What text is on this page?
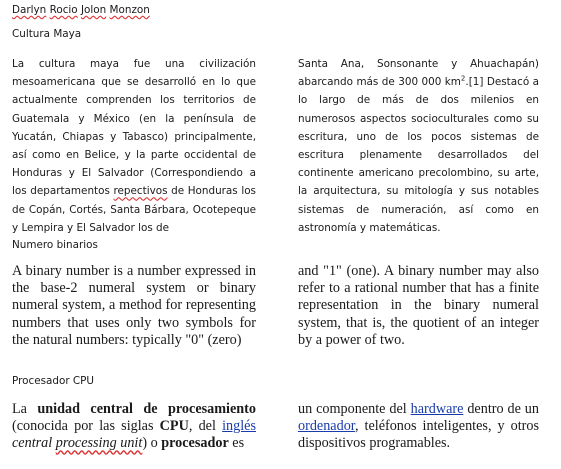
Darlyn Rocio Jolon Monzon
Cultura Maya
La cultura maya fue una civilización mesoamericana que se desarrolló en lo que actualmente comprenden los territorios de Guatemala y México (en la península de Yucatán, Chiapas y Tabasco) principalmente, así como en Belice, y la parte occidental de Honduras y El Salvador (Correspondiendo a los departamentos repectivos de Honduras los de Copán, Cortés, Santa Bárbara, Ocotepeque y Lempira y El Salvador los de
Santa Ana, Sonsonante y Ahuachapán) abarcando más de 300 000 $km^2.[1]$ Destacó a lo largo de más de dos milenios en numerosos aspectos socioculturales como su escritura, uno de los pocos sistemas de escritura plenamente desarrollados del continente americano precolombino, su arte, la arquitectura, su mitología y sus notables sistemas de numeración, así como en astronomía y matemáticas.
Numero binarios
A binary number is a number expressed in the base-2 numeral system or binary numeral system, a method for representing numbers that uses only two symbols for the natural numbers: typically "0" (zero)
and "1" (one). A binary number may also refer to a rational number that has a finite representation in the binary numeral system, that is, the quotient of an integer by a power of two.
Procesador CPU
La unidad central de procesamiento (conocida por las siglas CPU, del inglés central processing unit) o procesador es
un componente del hardware dentro de un ordenador, teléfonos inteligentes, y otros dispositivos programables.
